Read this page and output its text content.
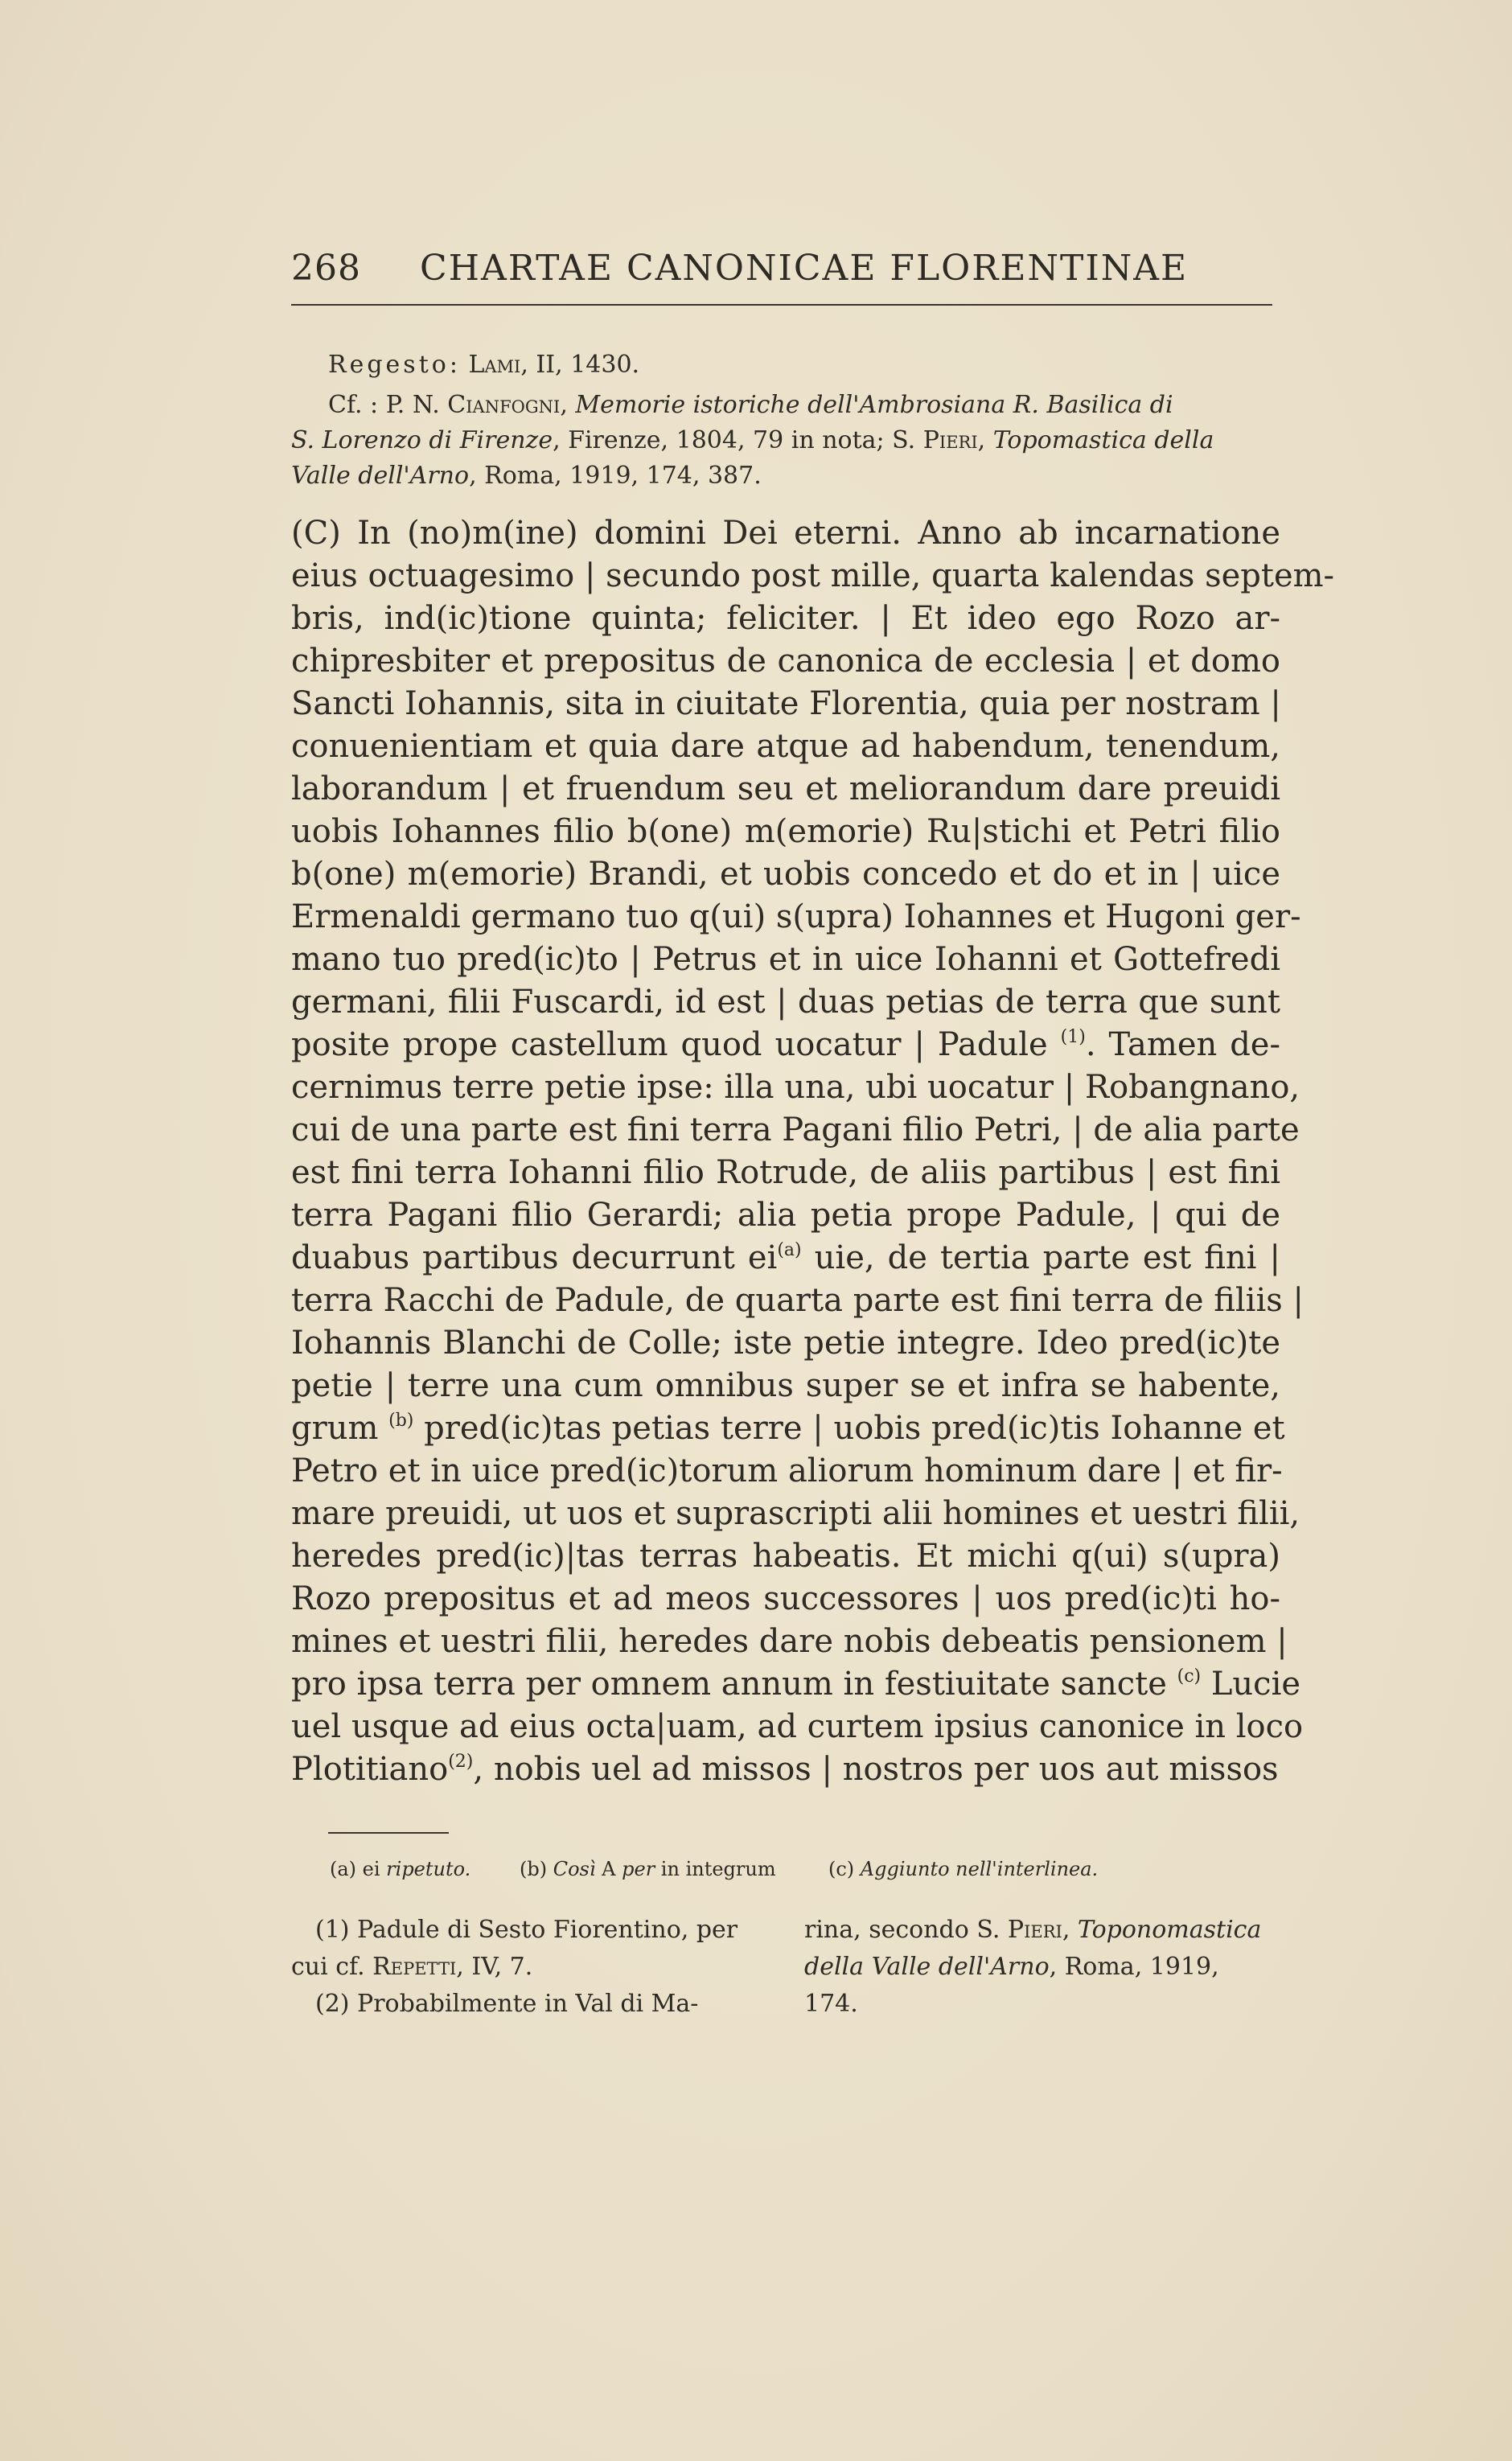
268 CHARTAE CANONICAE FLORENTINAE
Regesto: Lami, II, 1430.
Cf. : P. N. Cianfogni, Memorie istoriche dell'Ambrosiana R. Basilica di
S. Lorenzo di Firenze, Firenze, 1804, 79 in nota; S. Pieri, Topomastica della
Valle dell'Arno, Roma, 1919, 174, 387.
(C) In (no)m(ine) domini Dei eterni. Anno ab incarnatione
eius octuagesimo | secundo post mille, quarta kalendas septem-
bris, ind(ic)tione quinta; feliciter. | Et ideo ego Rozo ar-
chipresbiter et prepositus de canonica de ecclesia | et domo
Sancti Iohannis, sita in ciuitate Florentia, quia per nostram |
conuenientiam et quia dare atque ad habendum, tenendum,
laborandum | et fruendum seu et meliorandum dare preuidi
uobis Iohannes filio b(one) m(emorie) Ru|stichi et Petri filio
b(one) m(emorie) Brandi, et uobis concedo et do et in | uice
Ermenaldi germano tuo q(ui) s(upra) Iohannes et Hugoni ger-
mano tuo pred(ic)to | Petrus et in uice Iohanni et Gottefredi
germani, filii Fuscardi, id est | duas petias de terra que sunt
posite prope castellum quod uocatur | Padule $^{(1)}$. Tamen de-
cernimus terre petie ipse: illa una, ubi uocatur | Robangnano,
cui de una parte est fini terra Pagani filio Petri, | de alia parte
est fini terra Iohanni filio Rotrude, de aliis partibus | est fini
terra Pagani filio Gerardi; alia petia prope Padule, | qui de
duabus partibus decurrunt $ei^{(a)}$ uie, de tertia parte est fini |
terra Racchi de Padule, de quarta parte est fini terra de filiis |
Iohannis Blanchi de Colle; iste petie integre. Ideo pred(ic)te
petie | terre una cum omnibus super se et infra se habente,
grum $^{(b)}$ pred(ic)tas petias terre | uobis pred(ic)tis Iohanne et
Petro et in uice pred(ic)torum aliorum hominum dare | et fir-
mare preuidi, ut uos et suprascripti alii homines et uestri filii,
heredes pred(ic)|tas terras habeatis. Et michi q(ui) s(upra)
Rozo prepositus et ad meos successores | uos pred(ic)ti ho-
mines et uestri filii, heredes dare nobis debeatis pensionem |
pro ipsa terra per omnem annum in festiuitate sancte $^{(c)}$ Lucie
uel usque ad eius octa|uam, ad curtem ipsius canonice in loco
Plotitiano$^{(2)}$, nobis uel ad missos | nostros per uos aut missos
(a) ei ripetuto.	(b) Così A per in integrum	(c) Aggiunto nell'interlinea.
(1) Padule di Sesto Fiorentino, per
cui cf. Repetti, IV, 7.
(2) Probabilmente in Val di Ma-
rina, secondo S. Pieri, Toponomastica
della Valle dell'Arno, Roma, 1919,
174.
